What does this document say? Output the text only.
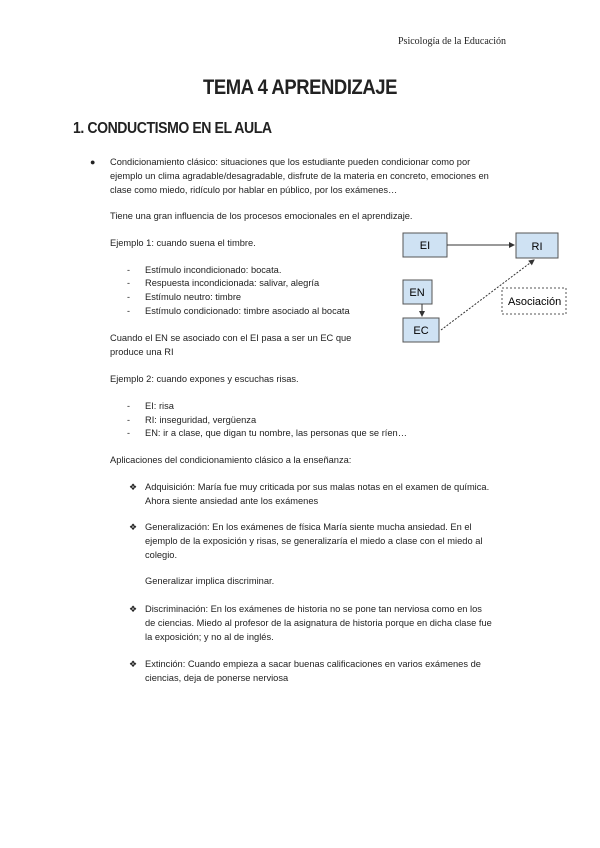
Psicología de la Educación
TEMA 4 APRENDIZAJE
1. CONDUCTISMO EN EL AULA
● Condicionamiento clásico: situaciones que los estudiante pueden condicionar como por
ejemplo un clima agradable/desagradable, disfrute de la materia en concreto, emociones en
clase como miedo, ridículo por hablar en público, por los exámenes…
Tiene una gran influencia de los procesos emocionales en el aprendizaje.
Ejemplo 1: cuando suena el timbre.
- Estímulo incondicionado: bocata.
- Respuesta incondicionada: salivar, alegría
- Estímulo neutro: timbre
- Estímulo condicionado: timbre asociado al bocata
Cuando el EN se asociado con el EI pasa a ser un EC que
produce una RI
Ejemplo 2: cuando expones y escuchas risas.
- EI: risa
- RI: inseguridad, vergüenza
- EN: ir a clase, que digan tu nombre, las personas que se ríen…
Aplicaciones del condicionamiento clásico a la enseñanza:
❖ Adquisición: María fue muy criticada por sus malas notas en el examen de química.
Ahora siente ansiedad ante los exámenes
❖ Generalización: En los exámenes de física María siente mucha ansiedad. En el
ejemplo de la exposición y risas, se generalizaría el miedo a clase con el miedo al
colegio.
Generalizar implica discriminar.
❖ Discriminación: En los exámenes de historia no se pone tan nerviosa como en los
de ciencias. Miedo al profesor de la asignatura de historia porque en dicha clase fue
la exposición; y no al de inglés.
❖ Extinción: Cuando empieza a sacar buenas calificaciones en varios exámenes de
ciencias, deja de ponerse nerviosa
EI	RI
EN
EC
Asociación
